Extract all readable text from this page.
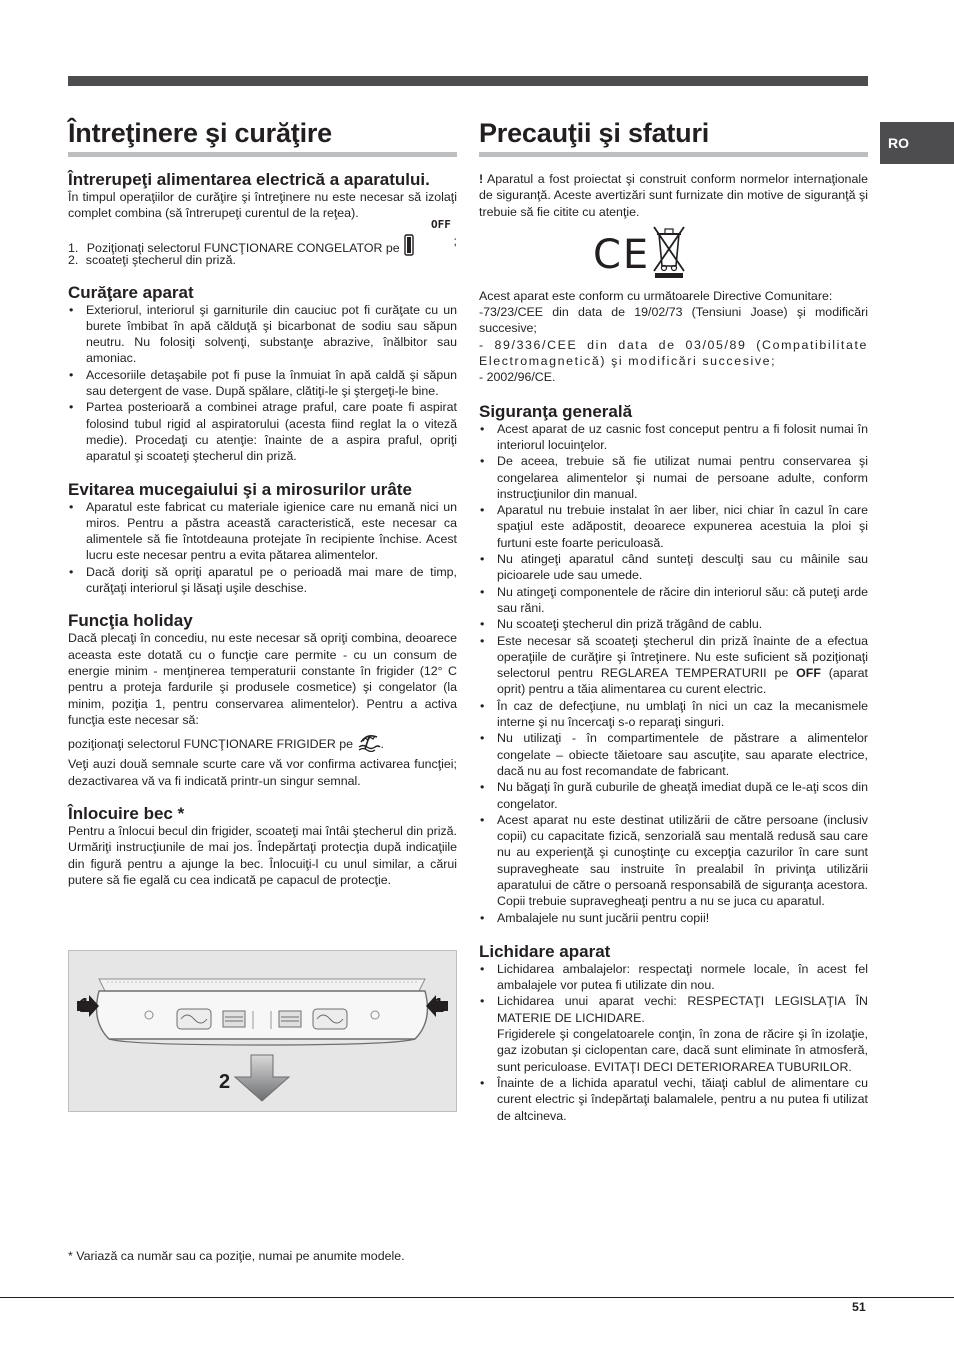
RO
Întreţinere şi curăţire
Întrerupeţi alimentarea electrică a aparatului.

În timpul operaţiilor de curăţire şi întreţinere nu este necesar să izolaţi complet combina (să întrerupeţi curentul de la reţea).

1. Poziţionaţi selectorul FUNCŢIONARE CONGELATOR pe
OFF
;
2. scoateţi ştecherul din priză.
Curăţare aparat
• Exteriorul, interiorul şi garniturile din cauciuc pot fi curăţate cu un burete îmbibat în apă călduţă şi bicarbonat de sodiu sau săpun neutru. Nu folosiţi solvenţi, substanţe abrazive, înălbitor sau amoniac.
• Accesoriile detaşabile pot fi puse la înmuiat în apă caldă şi săpun sau detergent de vase. După spălare, clătiţi-le şi ştergeţi-le bine.
• Partea posterioară a combinei atrage praful, care poate fi aspirat folosind tubul rigid al aspiratorului (acesta fiind reglat la o viteză medie). Procedaţi cu atenţie: înainte de a aspira praful, opriţi aparatul şi scoateţi ştecherul din priză.
Evitarea mucegaiului şi a mirosurilor urâte
• Aparatul este fabricat cu materiale igienice care nu emană nici un miros. Pentru a păstra această caracteristică, este necesar ca alimentele să fie întotdeauna protejate în recipiente închise. Acest lucru este necesar pentru a evita pătarea alimentelor.
• Dacă doriţi să opriţi aparatul pe o perioadă mai mare de timp, curăţaţi interiorul şi lăsaţi uşile deschise.
Funcţia holiday

Dacă plecaţi în concediu, nu este necesar să opriţi combina, deoarece aceasta este dotată cu o funcţie care permite - cu un consum de energie minim - menţinerea temperaturii constante în frigider (12° C pentru a proteja fardurile şi produsele cosmetice) şi congelator (la minim, poziţia 1, pentru conservarea alimentelor). Pentru a activa funcţia este necesar să:

poziţionaţi selectorul FUNCŢIONARE FRIGIDER pe .

Veţi auzi două semnale scurte care vă vor confirma activarea funcţiei; dezactivarea vă va fi indicată printr-un singur semnal.

Înlocuire bec *

Pentru a înlocui becul din frigider, scoateţi mai întâi ştecherul din priză. Urmăriţi instrucţiunile de mai jos. Îndepărtaţi protecţia după indicaţiile din figură pentru a ajunge la bec. Înlocuiţi-l cu unul similar, a cărui putere să fie egală cu cea indicată pe capacul de protecţie.

1	1
2
Precauţii şi sfaturi

! Aparatul a fost proiectat şi construit conform normelor internaţionale de siguranţă. Aceste avertizări sunt furnizate din motive de siguranţă şi trebuie să fie citite cu atenţie.

CE

Acest aparat este conform cu următoarele Directive Comunitare:

-73/23/CEE din data de 19/02/73 (Tensiuni Joase) şi modificări succesive;

- 89/336/CEE din data de 03/05/89 (Compatibilitate Electromagnetică) şi modificări succesive;

- 2002/96/CE.

Siguranţa generală
• Acest aparat de uz casnic fost conceput pentru a fi folosit numai în interiorul locuinţelor.
• De aceea, trebuie să fie utilizat numai pentru conservarea şi congelarea alimentelor şi numai de persoane adulte, conform instrucţiunilor din manual.
• Aparatul nu trebuie instalat în aer liber, nici chiar în cazul în care spaţiul este adăpostit, deoarece expunerea acestuia la ploi şi furtuni este foarte periculoasă.
• Nu atingeţi aparatul când sunteţi desculţi sau cu mâinile sau picioarele ude sau umede.
• Nu atingeţi componentele de răcire din interiorul său: că puteţi arde sau răni.
• Nu scoateţi ştecherul din priză trăgând de cablu.
• Este necesar să scoateţi ştecherul din priză înainte de a efectua operaţiile de curăţire şi întreţinere. Nu este suficient să poziţionaţi selectorul pentru REGLAREA TEMPERATURII pe OFF (aparat oprit) pentru a tăia alimentarea cu curent electric.
• În caz de defecţiune, nu umblaţi în nici un caz la mecanismele interne şi nu încercaţi s-o reparaţi singuri.
• Nu utilizaţi - în compartimentele de păstrare a alimentelor congelate – obiecte tăietoare sau ascuţite, sau aparate electrice, dacă nu au fost recomandate de fabricant.
• Nu băgaţi în gură cuburile de gheaţă imediat după ce le-aţi scos din congelator.
• Acest aparat nu este destinat utilizării de către persoane (inclusiv copii) cu capacitate fizică, senzorială sau mentală redusă sau care nu au experienţă şi cunoştinţe cu excepţia cazurilor în care sunt supravegheate sau instruite în prealabil în privinţa utilizării aparatului de către o persoană responsabilă de siguranţa acestora. Copii trebuie supravegheaţi pentru a nu se juca cu aparatul.
• Ambalajele nu sunt jucării pentru copii!
Lichidare aparat
• Lichidarea ambalajelor: respectaţi normele locale, în acest fel ambalajele vor putea fi utilizate din nou.
• Lichidarea unui aparat vechi: RESPECTAŢI LEGISLAŢIA ÎN MATERIE DE LICHIDARE.
Frigiderele şi congelatoarele conţin, în zona de răcire şi în izolaţie, gaz izobutan şi ciclopentan care, dacă sunt eliminate în atmosferă, sunt periculoase. EVITAŢI DECI DETERIORAREA TUBURILOR.
• Înainte de a lichida aparatul vechi, tăiaţi cablul de alimentare cu curent electric şi îndepărtaţi balamalele, pentru a nu putea fi utilizat de altcineva.
* Variază ca număr sau ca poziţie, numai pe anumite modele.
51
